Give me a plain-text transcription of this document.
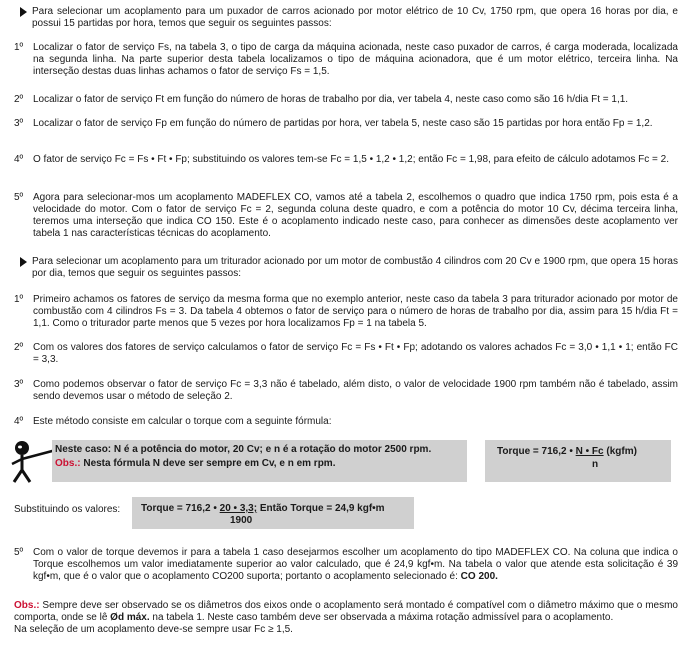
Para selecionar um acoplamento para um puxador de carros acionado por motor elétrico de 10 Cv, 1750 rpm, que opera 16 horas por dia, e possui 15 partidas por hora, temos que seguir os seguintes passos:
1º Localizar o fator de serviço Fs, na tabela 3, o tipo de carga da máquina acionada, neste caso puxador de carros, é carga moderada, localizada na segunda linha. Na parte superior desta tabela localizamos o tipo de máquina acionadora, que é um motor elétrico, terceira linha. Na interseção destas duas linhas achamos o fator de serviço Fs = 1,5.
2º Localizar o fator de serviço Ft em função do número de horas de trabalho por dia, ver tabela 4, neste caso como são 16 h/dia Ft = 1,1.
3º Localizar o fator de serviço Fp em função do número de partidas por hora, ver tabela 5, neste caso são 15 partidas por hora então Fp = 1,2.
4º O fator de serviço Fc = Fs • Ft • Fp; substituindo os valores tem-se Fc = 1,5 • 1,2 • 1,2; então Fc = 1,98, para efeito de cálculo adotamos Fc = 2.
5º Agora para selecionar-mos um acoplamento MADEFLEX CO, vamos até a tabela 2, escolhemos o quadro que indica 1750 rpm, pois esta é a velocidade do motor. Com o fator de serviço Fc = 2, segunda coluna deste quadro, e com a potência do motor 10 Cv, décima terceira linha, teremos uma interseção que indica CO 150. Este é o acoplamento indicado neste caso, para conhecer as dimensões deste acoplamento ver tabela 1 nas características técnicas do acoplamento.
Para selecionar um acoplamento para um triturador acionado por um motor de combustão 4 cilindros com 20 Cv e 1900 rpm, que opera 15 horas por dia, temos que seguir os seguintes passos:
1º Primeiro achamos os fatores de serviço da mesma forma que no exemplo anterior, neste caso da tabela 3 para triturador acionado por motor de combustão com 4 cilindros Fs = 3. Da tabela 4 obtemos o fator de serviço para o número de horas de trabalho por dia, assim para 15 h/dia Ft = 1,1. Como o triturador parte menos que 5 vezes por hora localizamos Fp = 1 na tabela 5.
2º Com os valores dos fatores de serviço calculamos o fator de serviço Fc = Fs • Ft • Fp; adotando os valores achados Fc = 3,0 • 1,1 • 1; então FC = 3,3.
3º Como podemos observar o fator de serviço Fc = 3,3 não é tabelado, além disto, o valor de velocidade 1900 rpm também não é tabelado, assim sendo devemos usar o método de seleção 2.
4º Este método consiste em calcular o torque com a seguinte fórmula:
Neste caso: N é a potência do motor, 20 Cv; e n é a rotação do motor 2500 rpm.
Obs.: Nesta fórmula N deve ser sempre em Cv, e n em rpm.
Torque = 716,2 • N • Fc (kgfm)
n
Substituindo os valores: Torque = 716,2 • 20 • 3,3; Então Torque = 24,9 kgf•m
1900
5º Com o valor de torque devemos ir para a tabela 1 caso desejarmos escolher um acoplamento do tipo MADEFLEX CO. Na coluna que indica o Torque escolhemos um valor imediatamente superior ao valor calculado, que é 24,9 kgf•m. Na tabela o valor que atende esta solicitação é 39 kgf•m, que é o valor que o acoplamento CO200 suporta; portanto o acoplamento selecionado é: CO 200.
Obs.: Sempre deve ser observado se os diâmetros dos eixos onde o acoplamento será montado é compatível com o diâmetro máximo que o mesmo comporta, onde se lê Ød máx. na tabela 1. Neste caso também deve ser observada a máxima rotação admissível para o acoplamento.
Na seleção de um acoplamento deve-se sempre usar Fc ≥ 1,5.
